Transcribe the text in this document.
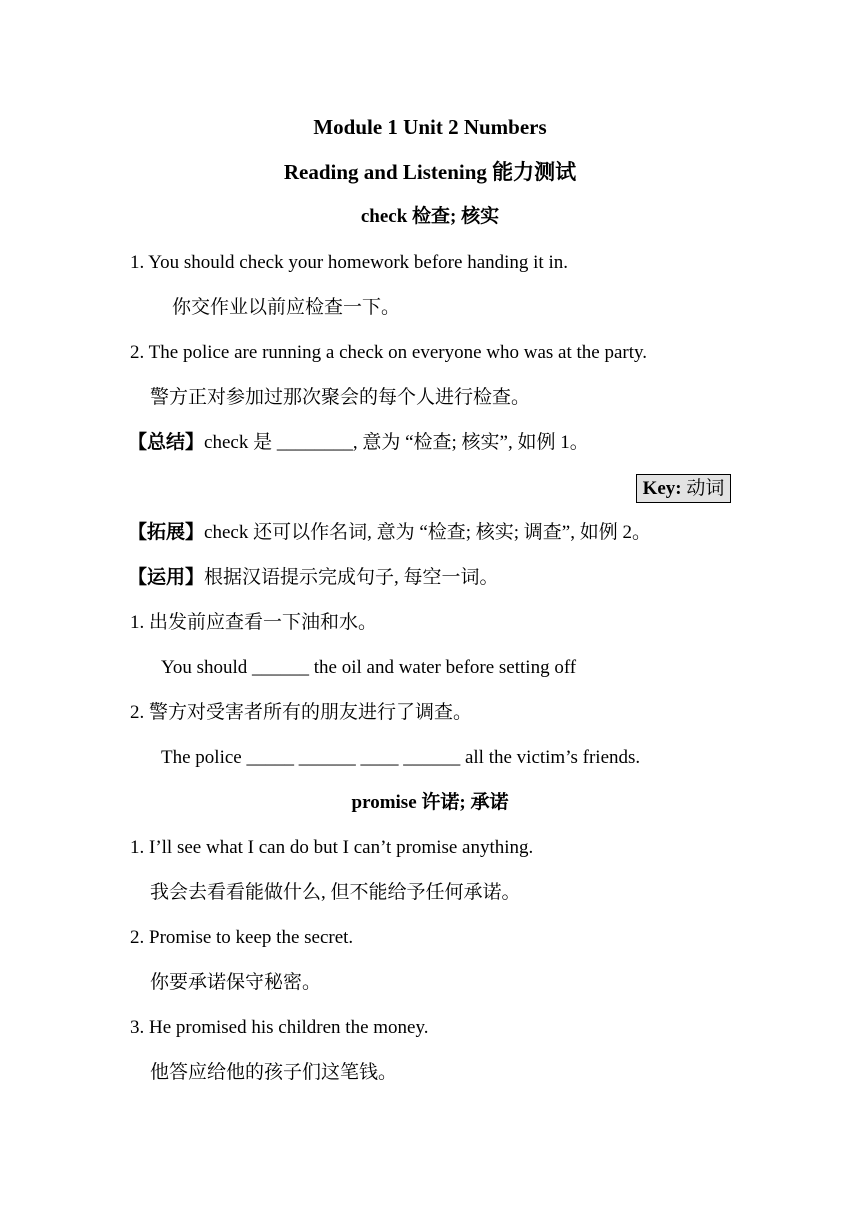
Module 1 Unit 2 Numbers
Reading and Listening 能力测试
check 检查; 核实
1. You should check your homework before handing it in.
你交作业以前应检查一下。
2. The police are running a check on everyone who was at the party.
警方正对参加过那次聚会的每个人进行检查。
【总结】check 是 ________, 意为 “检查; 核实”, 如例 1。
Key: 动词
【拓展】check 还可以作名词, 意为 “检查; 核实; 调查”, 如例 2。
【运用】根据汉语提示完成句子, 每空一词。
1. 出发前应查看一下油和水。
You should ______ the oil and water before setting off
2. 警方对受害者所有的朋友进行了调查。
The police _____ ______ ____ ______ all the victim’s friends.
promise 许诺; 承诺
1. I’ll see what I can do but I can’t promise anything.
我会去看看能做什么, 但不能给予任何承诺。
2. Promise to keep the secret.
你要承诺保守秘密。
3. He promised his children the money.
他答应给他的孩子们这笔钱。
